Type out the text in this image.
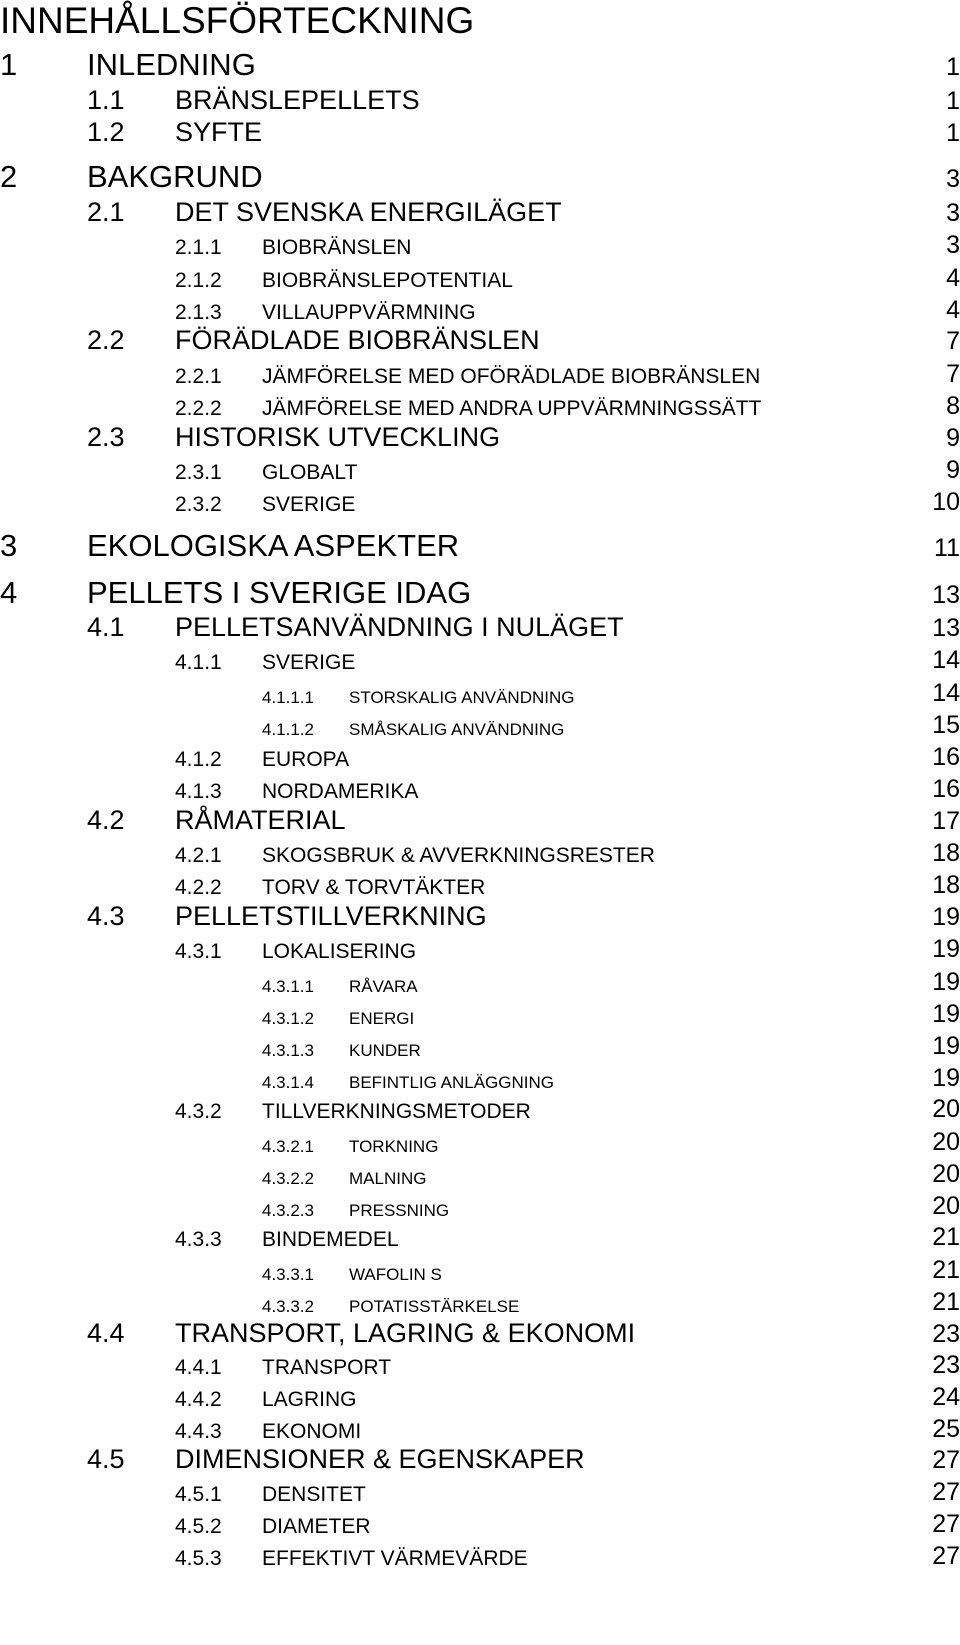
INNEHÅLLSFÖRTECKNING
1 INLEDNING	1
1.1 BRÄNSLEPELLETS	1
1.2 SYFTE	1
2 BAKGRUND	3
2.1 DET SVENSKA ENERGILÄGET	3
2.1.1 BIOBRÄNSLEN	3
2.1.2 BIOBRÄNSLEPOTENTIAL	4
2.1.3 VILLAUPPVÄRMNING	4
2.2 FÖRÄDLADE BIOBRÄNSLEN	7
2.2.1 JÄMFÖRELSE MED OFÖRÄDLADE BIOBRÄNSLEN	7
2.2.2 JÄMFÖRELSE MED ANDRA UPPVÄRMNINGSSÄTT	8
2.3 HISTORISK UTVECKLING	9
2.3.1 GLOBALT	9
2.3.2 SVERIGE	10
3 EKOLOGISKA ASPEKTER	11
4 PELLETS I SVERIGE IDAG	13
4.1 PELLETSANVÄNDNING I NULÄGET	13
4.1.1 SVERIGE	14
4.1.1.1 STORSKALIG ANVÄNDNING	14
4.1.1.2 SMÅSKALIG ANVÄNDNING	15
4.1.2 EUROPA	16
4.1.3 NORDAMERIKA	16
4.2 RÅMATERIAL	17
4.2.1 SKOGSBRUK & AVVERKNINGSRESTER	18
4.2.2 TORV & TORVTÄKTER	18
4.3 PELLETSTILLVERKNING	19
4.3.1 LOKALISERING	19
4.3.1.1 RÅVARA	19
4.3.1.2 ENERGI	19
4.3.1.3 KUNDER	19
4.3.1.4 BEFINTLIG ANLÄGGNING	19
4.3.2 TILLVERKNINGSMETODER	20
4.3.2.1 TORKNING	20
4.3.2.2 MALNING	20
4.3.2.3 PRESSNING	20
4.3.3 BINDEMEDEL	21
4.3.3.1 WAFOLIN S	21
4.3.3.2 POTATISSTÄRKELSE	21
4.4 TRANSPORT, LAGRING & EKONOMI	23
4.4.1 TRANSPORT	23
4.4.2 LAGRING	24
4.4.3 EKONOMI	25
4.5 DIMENSIONER & EGENSKAPER	27
4.5.1 DENSITET	27
4.5.2 DIAMETER	27
4.5.3 EFFEKTIVT VÄRMEVÄRDE	27
